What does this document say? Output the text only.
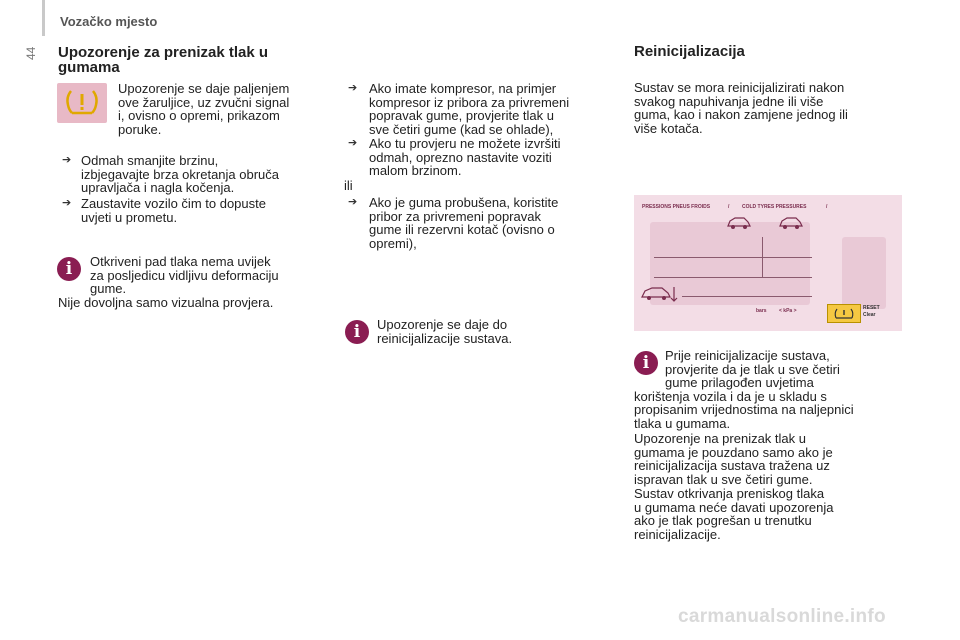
Vozačko mjesto
44 Upozorenje za prenizak tlak u
gumama
Upozorenje se daje paljenjem
ove žaruljice, uz zvučni signal
i, ovisno o opremi, prikazom
poruke.
➔ Odmah smanjite brzinu,
izbjegavajte brza okretanja obruča
upravljača i nagla kočenja.
➔ Zaustavite vozilo čim to dopuste
uvjeti u prometu.
i	Otkriveni pad tlaka nema uvijek
za posljedicu vidljivu deformaciju
gume.
Nije dovoljna samo vizualna provjera.
➔ Ako imate kompresor, na primjer
kompresor iz pribora za privremeni
popravak gume, provjerite tlak u
sve četiri gume (kad se ohlade),
➔ Ako tu provjeru ne možete izvršiti
odmah, oprezno nastavite voziti
malom brzinom.
ili
➔ Ako je guma probušena, koristite
pribor za privremeni popravak
gume ili rezervni kotač (ovisno o
opremi),
i	Upozorenje se daje do
reinicijalizacije sustava.
Reinicijalizacija
Sustav se mora reinicijalizirati nakon
svakog napuhivanja jedne ili više
guma, kao i nakon zamjene jednog ili
više kotača.
PRESSIONS PNEUS FROIDS	/	COLD TYRES PRESSURES	/
bars < kPa >	RESET
Clear
i	Prije reinicijalizacije sustava,
provjerite da je tlak u sve četiri
gume prilagođen uvjetima
korištenja vozila i da je u skladu s
propisanim vrijednostima na naljepnici
tlaka u gumama.
Upozorenje na prenizak tlak u
gumama je pouzdano samo ako je
reinicijalizacija sustava tražena uz
ispravan tlak u sve četiri gume.
Sustav otkrivanja preniskog tlaka
u gumama neće davati upozorenja
ako je tlak pogrešan u trenutku
reinicijalizacije.
carmanualsonline.info
